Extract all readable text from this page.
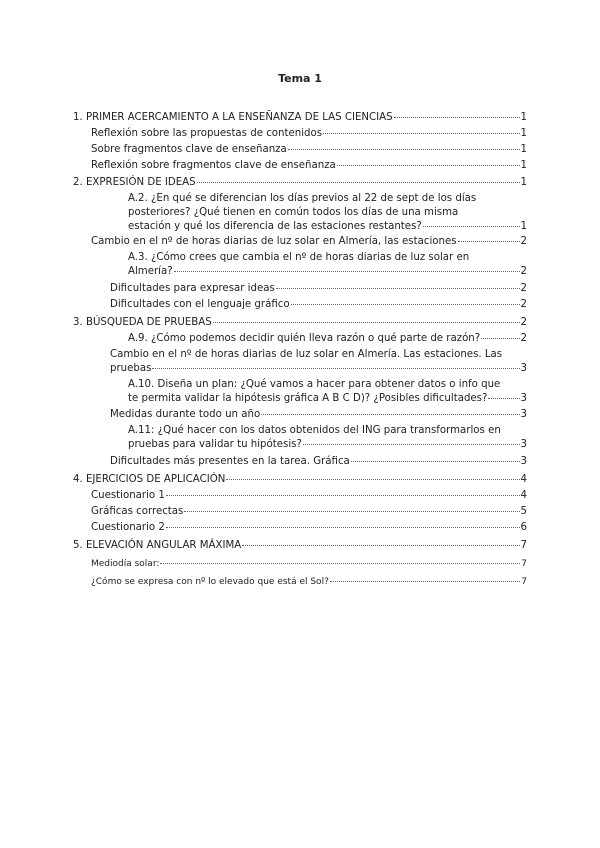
Tema 1
1. PRIMER ACERCAMIENTO A LA ENSEÑANZA DE LAS CIENCIAS	1
Reflexión sobre las propuestas de contenidos	1
Sobre fragmentos clave de enseñanza	1
Reflexión sobre fragmentos clave de enseñanza	1
2. EXPRESIÓN DE IDEAS	1
A.2. ¿En qué se diferencian los días previos al 22 de sept de los días
posteriores? ¿Qué tienen en común todos los días de una misma
estación y qué los diferencia de las estaciones restantes?	1
Cambio en el nº de horas diarias de luz solar en Almería, las estaciones	2
A.3. ¿Cómo crees que cambia el nº de horas diarias de luz solar en
Almería?	2
Dificultades para expresar ideas	2
Dificultades con el lenguaje gráfico	2
3. BÚSQUEDA DE PRUEBAS	2
A.9. ¿Cómo podemos decidir quién lleva razón o qué parte de razón?	2
Cambio en el nº de horas diarias de luz solar en Almería. Las estaciones. Las
pruebas	3
A.10. Diseña un plan: ¿Qué vamos a hacer para obtener datos o info que
te permita validar la hipótesis gráfica A B C D)? ¿Posibles dificultades?	3
Medidas durante todo un año	3
A.11: ¿Qué hacer con los datos obtenidos del ING para transformarlos en
pruebas para validar tu hipótesis?	3
Dificultades más presentes en la tarea. Gráfica	3
4. EJERCICIOS DE APLICACIÓN	4
Cuestionario 1	4
Gráficas correctas	5
Cuestionario 2	6
5. ELEVACIÓN ANGULAR MÁXIMA	7
Mediodía solar:	7
¿Cómo se expresa con nº lo elevado que está el Sol?	7
